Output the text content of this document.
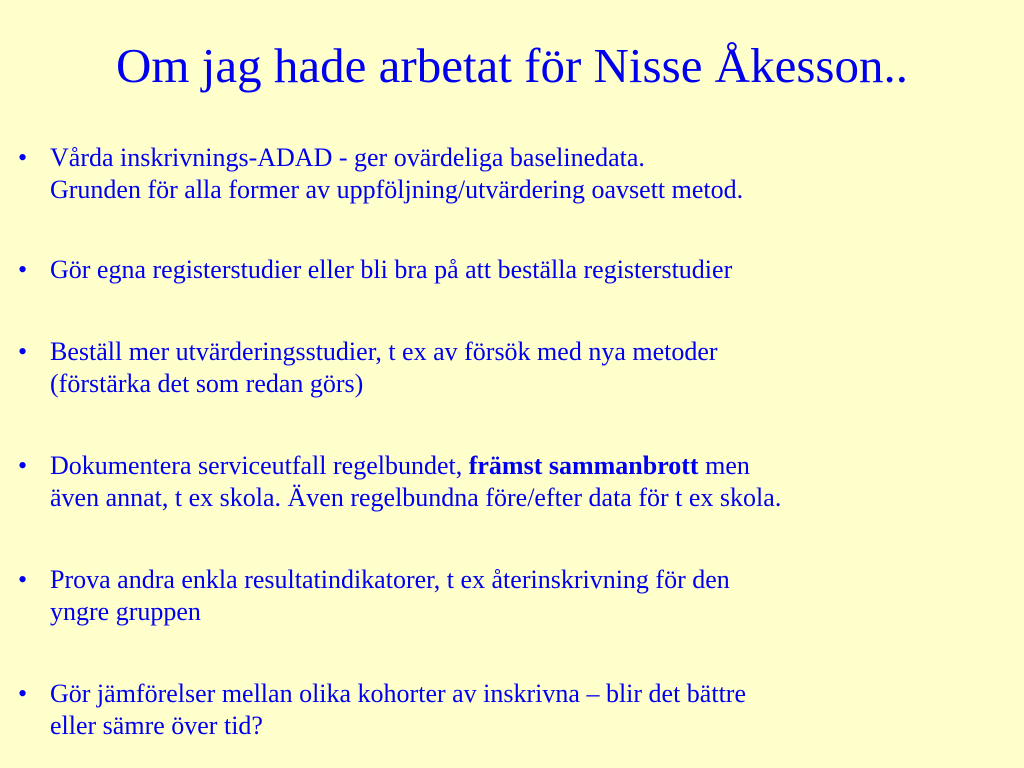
Om jag hade arbetat för Nisse Åkesson..
• Vårda inskrivnings-ADAD - ger ovärdeliga baselinedata.
Grunden för alla former av uppföljning/utvärdering oavsett metod.
• Gör egna registerstudier eller bli bra på att beställa registerstudier
• Beställ mer utvärderingsstudier, t ex av försök med nya metoder
(förstärka det som redan görs)
• Dokumentera serviceutfall regelbundet, främst sammanbrott men
även annat, t ex skola. Även regelbundna före/efter data för t ex skola.
• Prova andra enkla resultatindikatorer, t ex återinskrivning för den
yngre gruppen
• Gör jämförelser mellan olika kohorter av inskrivna – blir det bättre
eller sämre över tid?
